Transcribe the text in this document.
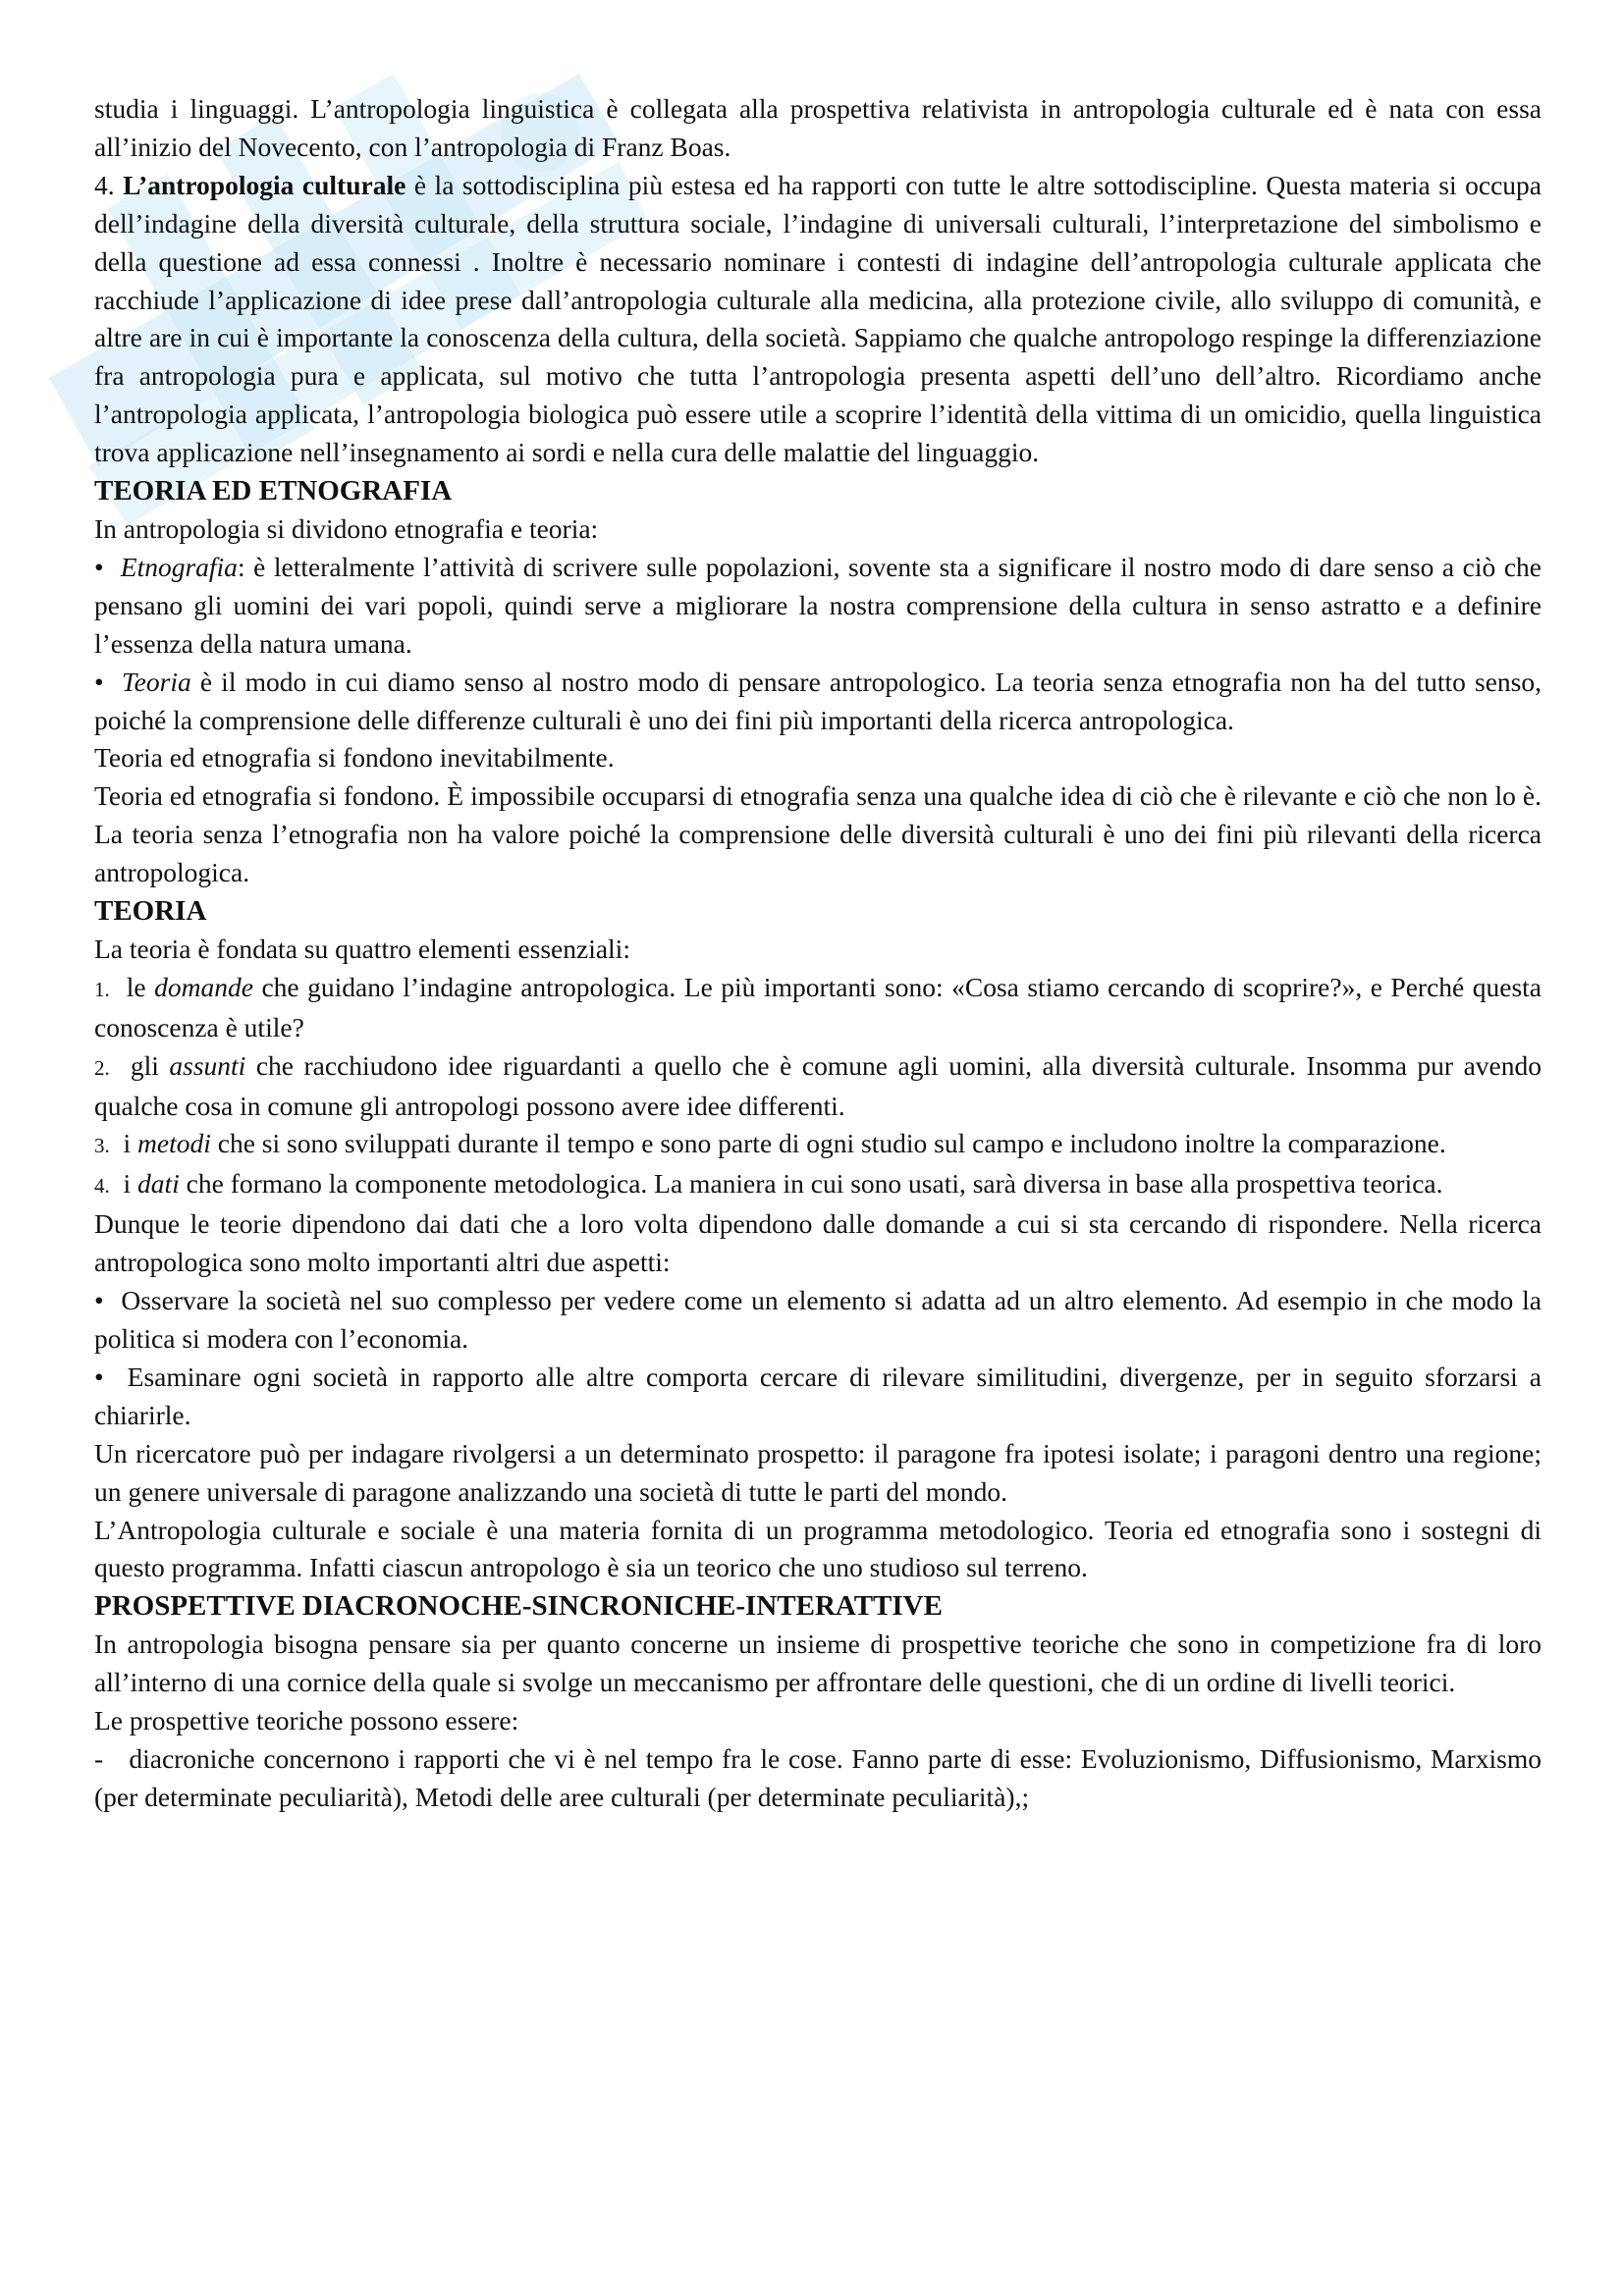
studia i linguaggi. L’antropologia linguistica è collegata alla prospettiva relativista in antropologia culturale ed è nata con essa all’inizio del Novecento, con l’antropologia di Franz Boas.

4. L’antropologia culturale è la sottodisciplina più estesa ed ha rapporti con tutte le altre sottodiscipline. Questa materia si occupa dell’indagine della diversità culturale, della struttura sociale, l’indagine di universali culturali, l’interpretazione del simbolismo e della questione ad essa connessi . Inoltre è necessario nominare i contesti di indagine dell’antropologia culturale applicata che racchiude l’applicazione di idee prese dall’antropologia culturale alla medicina, alla protezione civile, allo sviluppo di comunità, e altre are in cui è importante la conoscenza della cultura, della società. Sappiamo che qualche antropologo respinge la differenziazione fra antropologia pura e applicata, sul motivo che tutta l’antropologia presenta aspetti dell’uno dell’altro. Ricordiamo anche l’antropologia applicata, l’antropologia biologica può essere utile a scoprire l’identità della vittima di un omicidio, quella linguistica trova applicazione nell’insegnamento ai sordi e nella cura delle malattie del linguaggio.

TEORIA ED ETNOGRAFIA

In antropologia si dividono etnografia e teoria:

• Etnografia: è letteralmente l’attività di scrivere sulle popolazioni, sovente sta a significare il nostro modo di dare senso a ciò che pensano gli uomini dei vari popoli, quindi serve a migliorare la nostra comprensione della cultura in senso astratto e a definire l’essenza della natura umana.

• Teoria è il modo in cui diamo senso al nostro modo di pensare antropologico. La teoria senza etnografia non ha del tutto senso, poiché la comprensione delle differenze culturali è uno dei fini più importanti della ricerca antropologica.

Teoria ed etnografia si fondono inevitabilmente.

Teoria ed etnografia si fondono. È impossibile occuparsi di etnografia senza una qualche idea di ciò che è rilevante e ciò che non lo è. La teoria senza l’etnografia non ha valore poiché la comprensione delle diversità culturali è uno dei fini più rilevanti della ricerca antropologica.

TEORIA

La teoria è fondata su quattro elementi essenziali:

1. le domande che guidano l’indagine antropologica. Le più importanti sono: «Cosa stiamo cercando di scoprire?», e Perché questa conoscenza è utile?

2. gli assunti che racchiudono idee riguardanti a quello che è comune agli uomini, alla diversità culturale. Insomma pur avendo qualche cosa in comune gli antropologi possono avere idee differenti.

3. i metodi che si sono sviluppati durante il tempo e sono parte di ogni studio sul campo e includono inoltre la comparazione.

4. i dati che formano la componente metodologica. La maniera in cui sono usati, sarà diversa in base alla prospettiva teorica.

Dunque le teorie dipendono dai dati che a loro volta dipendono dalle domande a cui si sta cercando di rispondere. Nella ricerca antropologica sono molto importanti altri due aspetti:

• Osservare la società nel suo complesso per vedere come un elemento si adatta ad un altro elemento. Ad esempio in che modo la politica si modera con l’economia.

• Esaminare ogni società in rapporto alle altre comporta cercare di rilevare similitudini, divergenze, per in seguito sforzarsi a chiarirle.

Un ricercatore può per indagare rivolgersi a un determinato prospetto: il paragone fra ipotesi isolate; i paragoni dentro una regione; un genere universale di paragone analizzando una società di tutte le parti del mondo.

L’Antropologia culturale e sociale è una materia fornita di un programma metodologico. Teoria ed etnografia sono i sostegni di questo programma. Infatti ciascun antropologo è sia un teorico che uno studioso sul terreno.

PROSPETTIVE DIACRONOCHE-SINCRONICHE-INTERATTIVE

In antropologia bisogna pensare sia per quanto concerne un insieme di prospettive teoriche che sono in competizione fra di loro all’interno di una cornice della quale si svolge un meccanismo per affrontare delle questioni, che di un ordine di livelli teorici.

Le prospettive teoriche possono essere:

- diacroniche concernono i rapporti che vi è nel tempo fra le cose. Fanno parte di esse: Evoluzionismo, Diffusionismo, Marxismo (per determinate peculiarità), Metodi delle aree culturali (per determinate peculiarità),;
